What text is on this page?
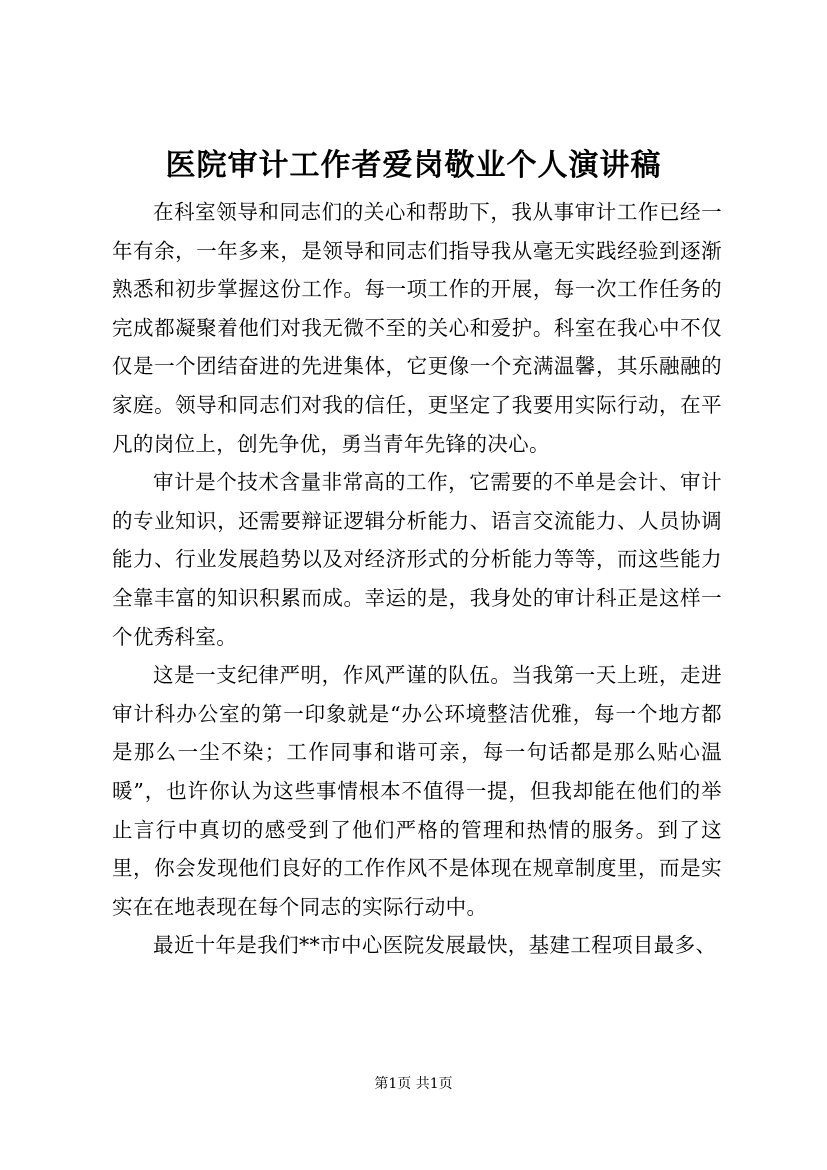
医院审计工作者爱岗敬业个人演讲稿

在科室领导和同志们的关心和帮助下，我从事审计工作已经一年有余，一年多来，是领导和同志们指导我从毫无实践经验到逐渐熟悉和初步掌握这份工作。每一项工作的开展，每一次工作任务的完成都凝聚着他们对我无微不至的关心和爱护。科室在我心中不仅仅是一个团结奋进的先进集体，它更像一个充满温馨，其乐融融的家庭。领导和同志们对我的信任，更坚定了我要用实际行动，在平凡的岗位上，创先争优，勇当青年先锋的决心。

审计是个技术含量非常高的工作，它需要的不单是会计、审计的专业知识，还需要辩证逻辑分析能力、语言交流能力、人员协调能力、行业发展趋势以及对经济形式的分析能力等等，而这些能力全靠丰富的知识积累而成。幸运的是，我身处的审计科正是这样一个优秀科室。

这是一支纪律严明，作风严谨的队伍。当我第一天上班，走进审计科办公室的第一印象就是“办公环境整洁优雅，每一个地方都是那么一尘不染；工作同事和谐可亲，每一句话都是那么贴心温暖”，也许你认为这些事情根本不值得一提，但我却能在他们的举止言行中真切的感受到了他们严格的管理和热情的服务。到了这里，你会发现他们良好的工作作风不是体现在规章制度里，而是实实在在地表现在每个同志的实际行动中。

最近十年是我们**市中心医院发展最快，基建工程项目最多、

第1页 共1页
